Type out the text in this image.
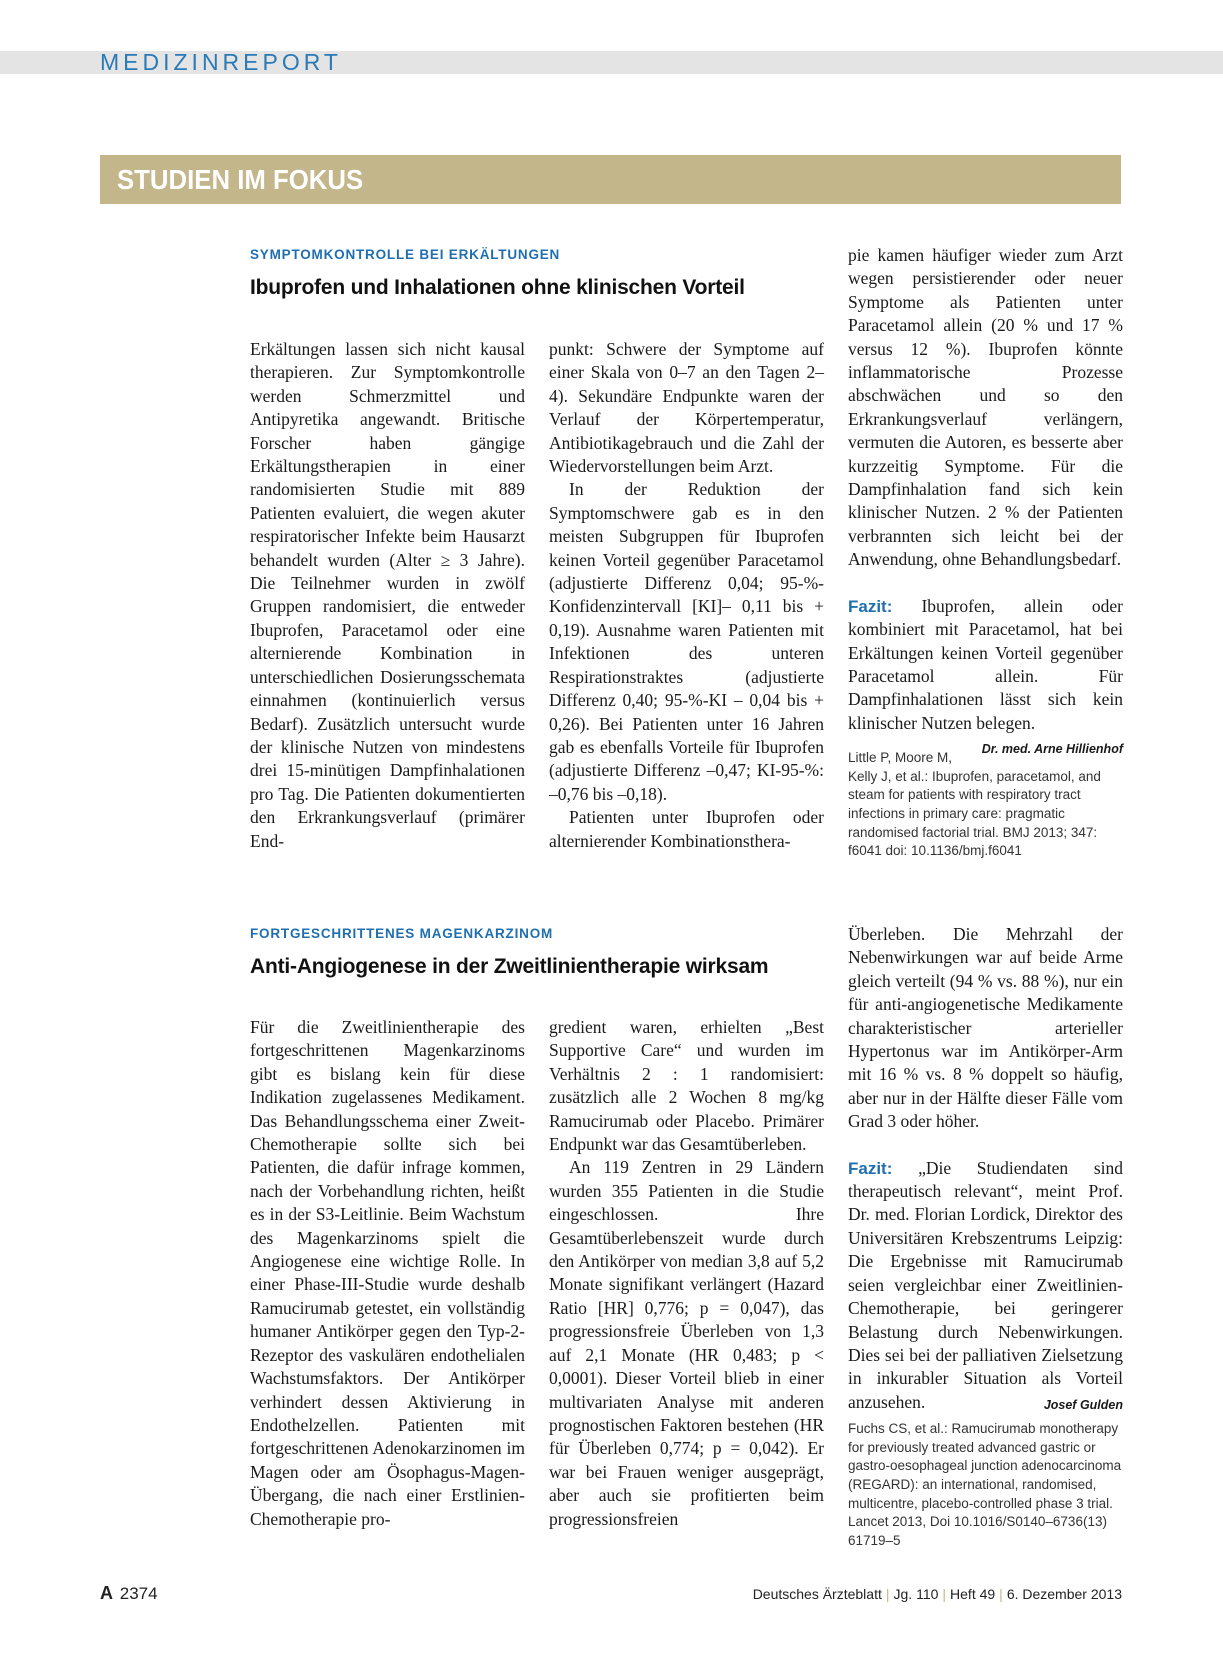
MEDIZINREPORT
STUDIEN IM FOKUS
SYMPTOMKONTROLLE BEI ERKÄLTUNGEN
Ibuprofen und Inhalationen ohne klinischen Vorteil

Erkältungen lassen sich nicht kausal therapieren. Zur Symptomkontrolle werden Schmerzmittel und Antipyretika angewandt. Britische Forscher haben gängige Erkältungstherapien in einer randomisierten Studie mit 889 Patienten evaluiert, die wegen akuter respiratorischer Infekte beim Hausarzt behandelt wurden (Alter ≥ 3 Jahre). Die Teilnehmer wurden in zwölf Gruppen randomisiert, die entweder Ibuprofen, Paracetamol oder eine alternierende Kombination in unterschiedlichen Dosierungsschemata einnahmen (kontinuierlich versus Bedarf). Zusätzlich untersucht wurde der klinische Nutzen von mindestens drei 15-minütigen Dampfinhalationen pro Tag. Die Patienten dokumentierten den Erkrankungsverlauf (primärer End-

punkt: Schwere der Symptome auf einer Skala von 0–7 an den Tagen 2–4). Sekundäre Endpunkte waren der Verlauf der Körpertemperatur, Antibiotikagebrauch und die Zahl der Wiedervorstellungen beim Arzt.

In der Reduktion der Symptomschwere gab es in den meisten Subgruppen für Ibuprofen keinen Vorteil gegenüber Paracetamol (adjustierte Differenz 0,04; 95-%-Konfidenzintervall [KI]– 0,11 bis + 0,19). Ausnahme waren Patienten mit Infektionen des unteren Respirationstraktes (adjustierte Differenz 0,40; 95-%-KI – 0,04 bis + 0,26). Bei Patienten unter 16 Jahren gab es ebenfalls Vorteile für Ibuprofen (adjustierte Differenz –0,47; KI-95-%: –0,76 bis –0,18).

Patienten unter Ibuprofen oder alternierender Kombinationsthera-

pie kamen häufiger wieder zum Arzt wegen persistierender oder neuer Symptome als Patienten unter Paracetamol allein (20 % und 17 % versus 12 %). Ibuprofen könnte inflammatorische Prozesse abschwächen und so den Erkrankungsverlauf verlängern, vermuten die Autoren, es besserte aber kurzzeitig Symptome. Für die Dampfinhalation fand sich kein klinischer Nutzen. 2 % der Patienten verbrannten sich leicht bei der Anwendung, ohne Behandlungsbedarf.

Fazit: Ibuprofen, allein oder kombiniert mit Paracetamol, hat bei Erkältungen keinen Vorteil gegenüber Paracetamol allein. Für Dampfinhalationen lässt sich kein klinischer Nutzen belegen.
Dr. med. Arne Hillienhof

Little P, Moore M, Kelly J, et al.: Ibuprofen, paracetamol, and steam for patients with respiratory tract infections in primary care: pragmatic randomised factorial trial. BMJ 2013; 347: f6041 doi: 10.1136/bmj.f6041

FORTGESCHRITTENES MAGENKARZINOM
Anti-Angiogenese in der Zweitlinientherapie wirksam

Für die Zweitlinientherapie des fortgeschrittenen Magenkarzinoms gibt es bislang kein für diese Indikation zugelassenes Medikament. Das Behandlungsschema einer Zweit-Chemotherapie sollte sich bei Patienten, die dafür infrage kommen, nach der Vorbehandlung richten, heißt es in der S3-Leitlinie. Beim Wachstum des Magenkarzinoms spielt die Angiogenese eine wichtige Rolle. In einer Phase-III-Studie wurde deshalb Ramucirumab getestet, ein vollständig humaner Antikörper gegen den Typ-2-Rezeptor des vaskulären endothelialen Wachstumsfaktors. Der Antikörper verhindert dessen Aktivierung in Endothelzellen. Patienten mit fortgeschrittenen Adenokarzinomen im Magen oder am Ösophagus-Magen-Übergang, die nach einer Erstlinien-Chemotherapie pro-

gredient waren, erhielten „Best Supportive Care“ und wurden im Verhältnis 2 : 1 randomisiert: zusätzlich alle 2 Wochen 8 mg/kg Ramucirumab oder Placebo. Primärer Endpunkt war das Gesamtüberleben.

An 119 Zentren in 29 Ländern wurden 355 Patienten in die Studie eingeschlossen. Ihre Gesamtüberlebenszeit wurde durch den Antikörper von median 3,8 auf 5,2 Monate signifikant verlängert (Hazard Ratio [HR] 0,776; p = 0,047), das progressionsfreie Überleben von 1,3 auf 2,1 Monate (HR 0,483; p < 0,0001). Dieser Vorteil blieb in einer multivariaten Analyse mit anderen prognostischen Faktoren bestehen (HR für Überleben 0,774; p = 0,042). Er war bei Frauen weniger ausgeprägt, aber auch sie profitierten beim progressionsfreien

Überleben. Die Mehrzahl der Nebenwirkungen war auf beide Arme gleich verteilt (94 % vs. 88 %), nur ein für anti-angiogenetische Medikamente charakteristischer arterieller Hypertonus war im Antikörper-Arm mit 16 % vs. 8 % doppelt so häufig, aber nur in der Hälfte dieser Fälle vom Grad 3 oder höher.

Fazit: „Die Studiendaten sind therapeutisch relevant“, meint Prof. Dr. med. Florian Lordick, Direktor des Universitären Krebszentrums Leipzig: Die Ergebnisse mit Ramucirumab seien vergleichbar einer Zweitlinien-Chemotherapie, bei geringerer Belastung durch Nebenwirkungen. Dies sei bei der palliativen Zielsetzung in inkurabler Situation als Vorteil anzusehen.	Josef Gulden

Fuchs CS, et al.: Ramucirumab monotherapy for previously treated advanced gastric or gastro-oesophageal junction adenocarcinoma (REGARD): an international, randomised, multicentre, placebo-controlled phase 3 trial. Lancet 2013, Doi 10.1016/S0140–6736(13) 61719–5

A 2374	Deutsches Ärzteblatt | Jg. 110 | Heft 49 | 6. Dezember 2013
